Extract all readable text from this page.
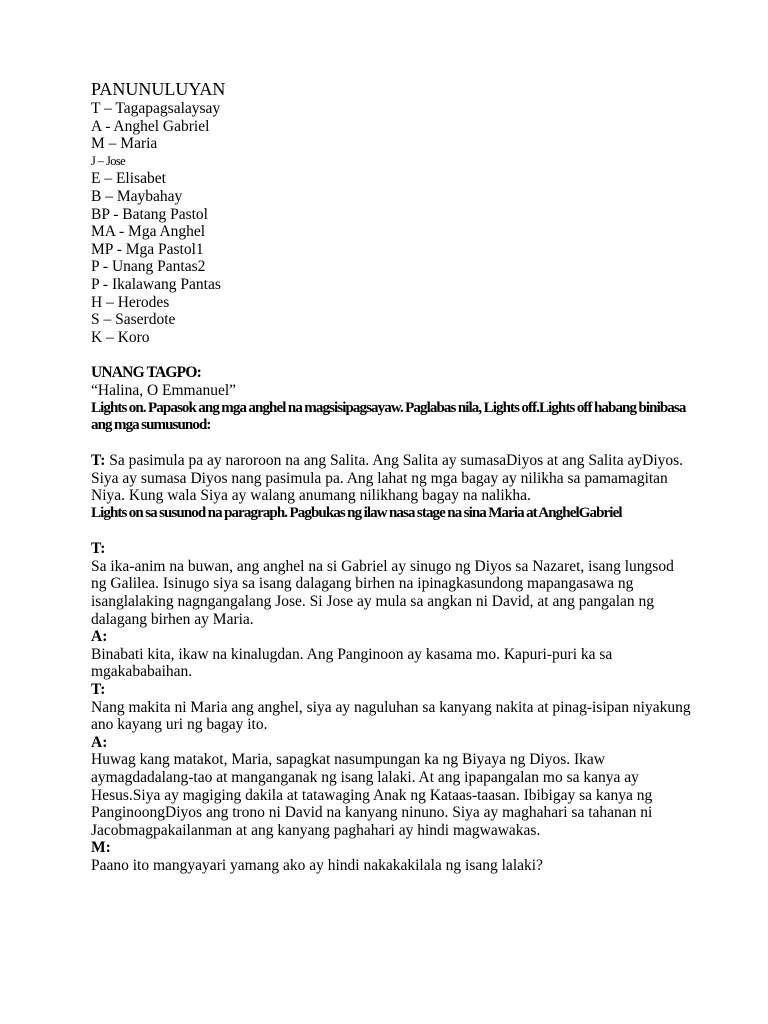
PANUNULUYAN
T – Tagapagsalaysay
A - Anghel Gabriel
M – Maria
J – Jose
E – Elisabet
B – Maybahay
BP - Batang Pastol
MA - Mga Anghel
MP - Mga Pastol1
P - Unang Pantas2
P - Ikalawang Pantas
H – Herodes
S – Saserdote
K – Koro
UNANG TAGPO:
“Halina, O Emmanuel”
Lights on. Papasok ang mga anghel na magsisipagsayaw. Paglabas nila, Lights off.Lights off habang binibasa ang mga sumusunod:
T: Sa pasimula pa ay naroroon na ang Salita. Ang Salita ay sumasaDiyos at ang Salita ayDiyos. Siya ay sumasa Diyos nang pasimula pa. Ang lahat ng mga bagay ay nilikha sa pamamagitan Niya. Kung wala Siya ay walang anumang nilikhang bagay na nalikha.
Lights on sa susunod na paragraph. Pagbukas ng ilaw nasa stage na sina Maria at AnghelGabriel
T:
Sa ika-anim na buwan, ang anghel na si Gabriel ay sinugo ng Diyos sa Nazaret, isang lungsod ng Galilea. Isinugo siya sa isang dalagang birhen na ipinagkasundong mapangasawa ng isanglalaking nagngangalang Jose. Si Jose ay mula sa angkan ni David, at ang pangalan ng dalagang birhen ay Maria.
A:
Binabati kita, ikaw na kinalugdan. Ang Panginoon ay kasama mo. Kapuri-puri ka sa mgakababaihan.
T:
Nang makita ni Maria ang anghel, siya ay naguluhan sa kanyang nakita at pinag-isipan niyakung ano kayang uri ng bagay ito.
A:
Huwag kang matakot, Maria, sapagkat nasumpungan ka ng Biyaya ng Diyos. Ikaw aymagdadalang-tao at manganganak ng isang lalaki. At ang ipapangalan mo sa kanya ay Hesus.Siya ay magiging dakila at tatawaging Anak ng Kataas-taasan. Ibibigay sa kanya ng PanginoongDiyos ang trono ni David na kanyang ninuno. Siya ay maghahari sa tahanan ni Jacobmagpakailanman at ang kanyang paghahari ay hindi magwawakas.
M:
Paano ito mangyayari yamang ako ay hindi nakakakilala ng isang lalaki?
